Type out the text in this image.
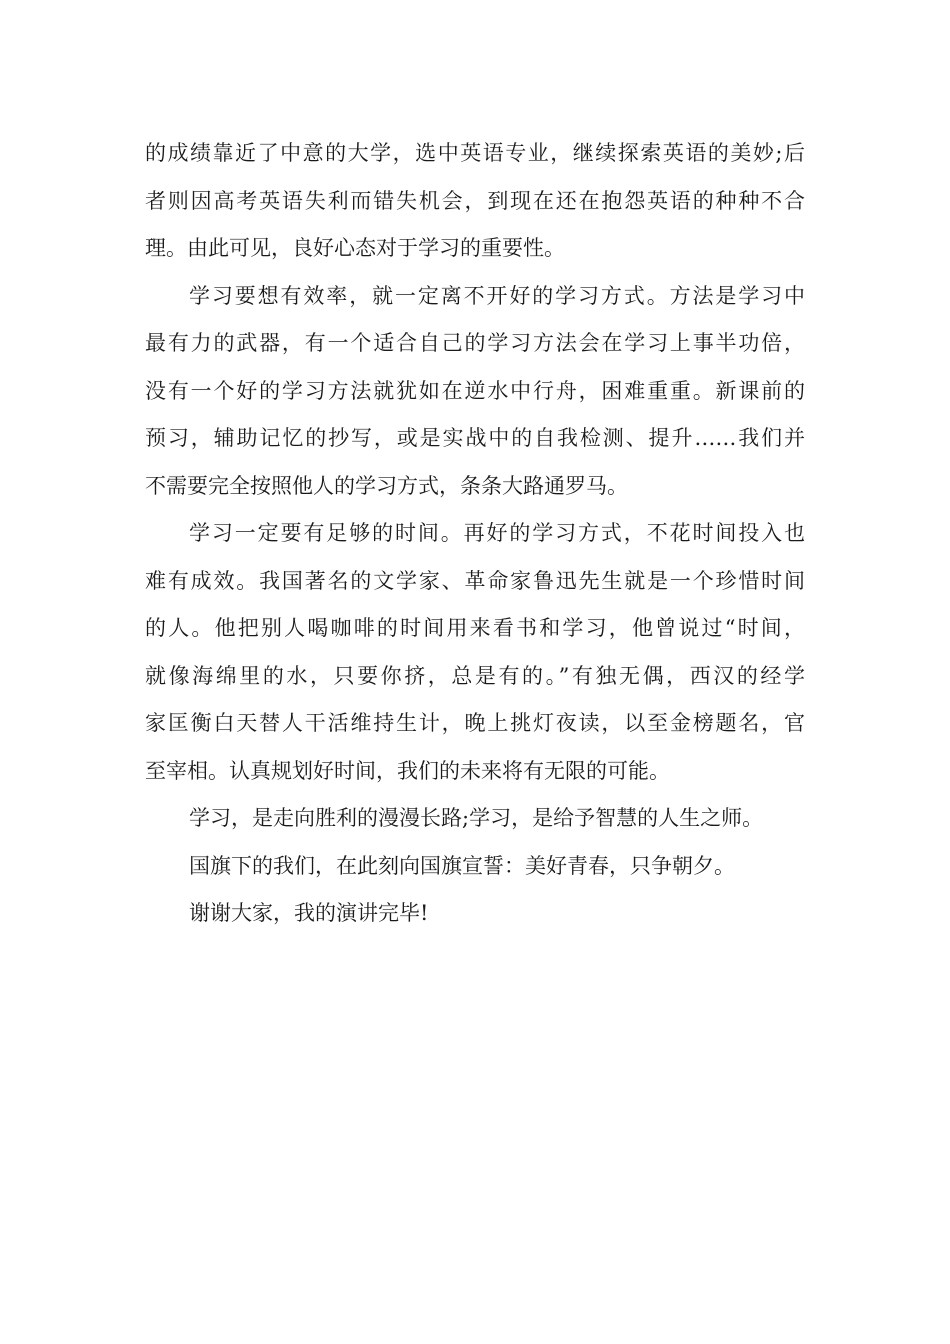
的成绩靠近了中意的大学，选中英语专业，继续探索英语的美妙;后
者则因高考英语失利而错失机会，到现在还在抱怨英语的种种不合
理。由此可见，良好心态对于学习的重要性。
学习要想有效率，就一定离不开好的学习方式。方法是学习中
最有力的武器，有一个适合自己的学习方法会在学习上事半功倍，
没有一个好的学习方法就犹如在逆水中行舟，困难重重。新课前的
预习，辅助记忆的抄写，或是实战中的自我检测、提升……我们并
不需要完全按照他人的学习方式，条条大路通罗马。
学习一定要有足够的时间。再好的学习方式，不花时间投入也
难有成效。我国著名的文学家、革命家鲁迅先生就是一个珍惜时间
的人。他把别人喝咖啡的时间用来看书和学习，他曾说过“时间，
就像海绵里的水，只要你挤，总是有的。”有独无偶，西汉的经学
家匡衡白天替人干活维持生计，晚上挑灯夜读，以至金榜题名，官
至宰相。认真规划好时间，我们的未来将有无限的可能。
学习，是走向胜利的漫漫长路;学习，是给予智慧的人生之师。
国旗下的我们，在此刻向国旗宣誓：美好青春，只争朝夕。
谢谢大家，我的演讲完毕!
